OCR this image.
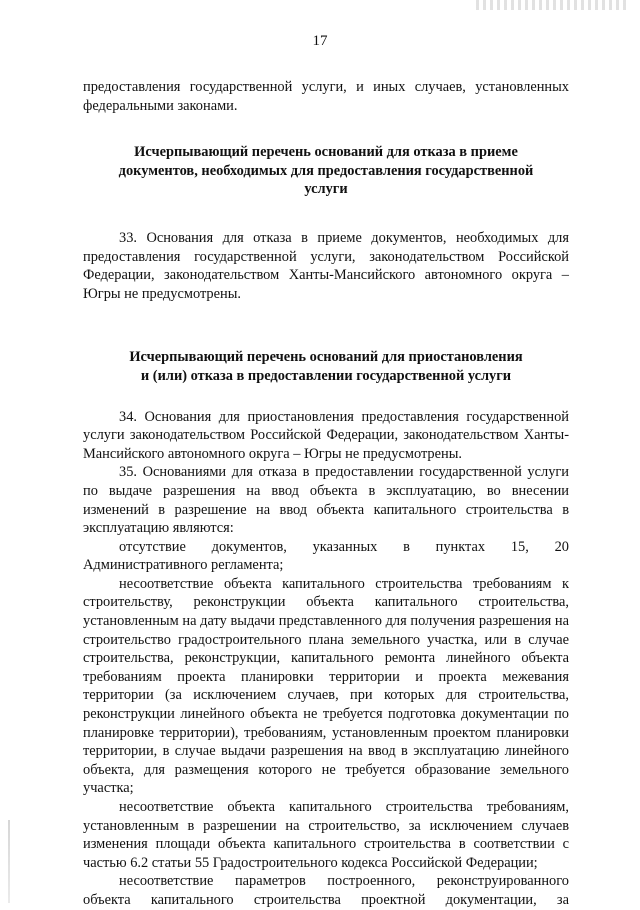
17

предоставления государственной услуги, и иных случаев, установленных федеральными законами.

Исчерпывающий перечень оснований для отказа в приеме
документов, необходимых для предоставления государственной
услуги

33. Основания для отказа в приеме документов, необходимых для предоставления государственной услуги, законодательством Российской Федерации, законодательством Ханты-Мансийского автономного округа – Югры не предусмотрены.

Исчерпывающий перечень оснований для приостановления
и (или) отказа в предоставлении государственной услуги

34. Основания для приостановления предоставления государственной услуги законодательством Российской Федерации, законодательством Ханты-Мансийского автономного округа – Югры не предусмотрены.

35. Основаниями для отказа в предоставлении государственной услуги по выдаче разрешения на ввод объекта в эксплуатацию, во внесении изменений в разрешение на ввод объекта капитального строительства в эксплуатацию являются:

отсутствие документов, указанных в пунктах 15, 20

Административного регламента;

несоответствие объекта капитального строительства требованиям к строительству, реконструкции объекта капитального строительства, установленным на дату выдачи представленного для получения разрешения на строительство градостроительного плана земельного участка, или в случае строительства, реконструкции, капитального ремонта линейного объекта требованиям проекта планировки территории и проекта межевания территории (за исключением случаев, при которых для строительства, реконструкции линейного объекта не требуется подготовка документации по планировке территории), требованиям, установленным проектом планировки территории, в случае выдачи разрешения на ввод в эксплуатацию линейного объекта, для размещения которого не требуется образование земельного участка;

несоответствие объекта капитального строительства требованиям, установленным в разрешении на строительство, за исключением случаев изменения площади объекта капитального строительства в соответствии с частью 6.2 статьи 55 Градостроительного кодекса Российской Федерации;

несоответствие параметров построенного, реконструированного

объекта капитального строительства проектной документации, за
